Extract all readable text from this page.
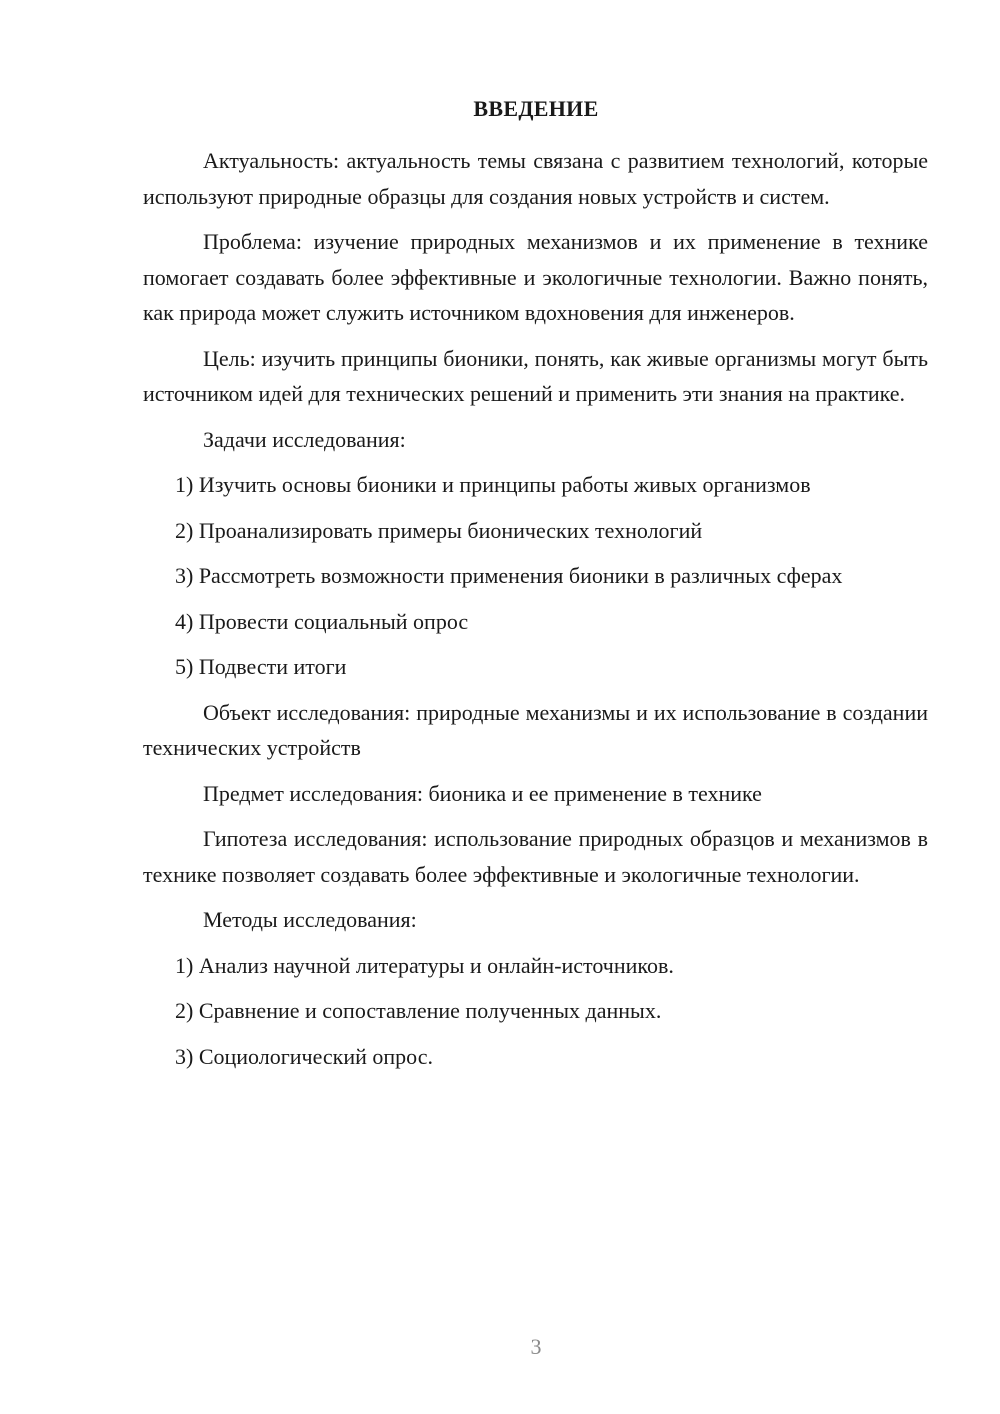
ВВЕДЕНИЕ

Актуальность: актуальность темы связана с развитием технологий, которые используют природные образцы для создания новых устройств и систем.

Проблема: изучение природных механизмов и их применение в технике помогает создавать более эффективные и экологичные технологии. Важно понять, как природа может служить источником вдохновения для инженеров.

Цель: изучить принципы бионики, понять, как живые организмы могут быть источником идей для технических решений и применить эти знания на практике.

Задачи исследования:

1) Изучить основы бионики и принципы работы живых организмов
2) Проанализировать примеры бионических технологий
3) Рассмотреть возможности применения бионики в различных сферах
4) Провести социальный опрос
5) Подвести итоги

Объект исследования: природные механизмы и их использование в создании технических устройств

Предмет исследования: бионика и ее применение в технике

Гипотеза исследования: использование природных образцов и механизмов в технике позволяет создавать более эффективные и экологичные технологии.

Методы исследования:

1) Анализ научной литературы и онлайн-источников.
2) Сравнение и сопоставление полученных данных.
3) Социологический опрос.
3
